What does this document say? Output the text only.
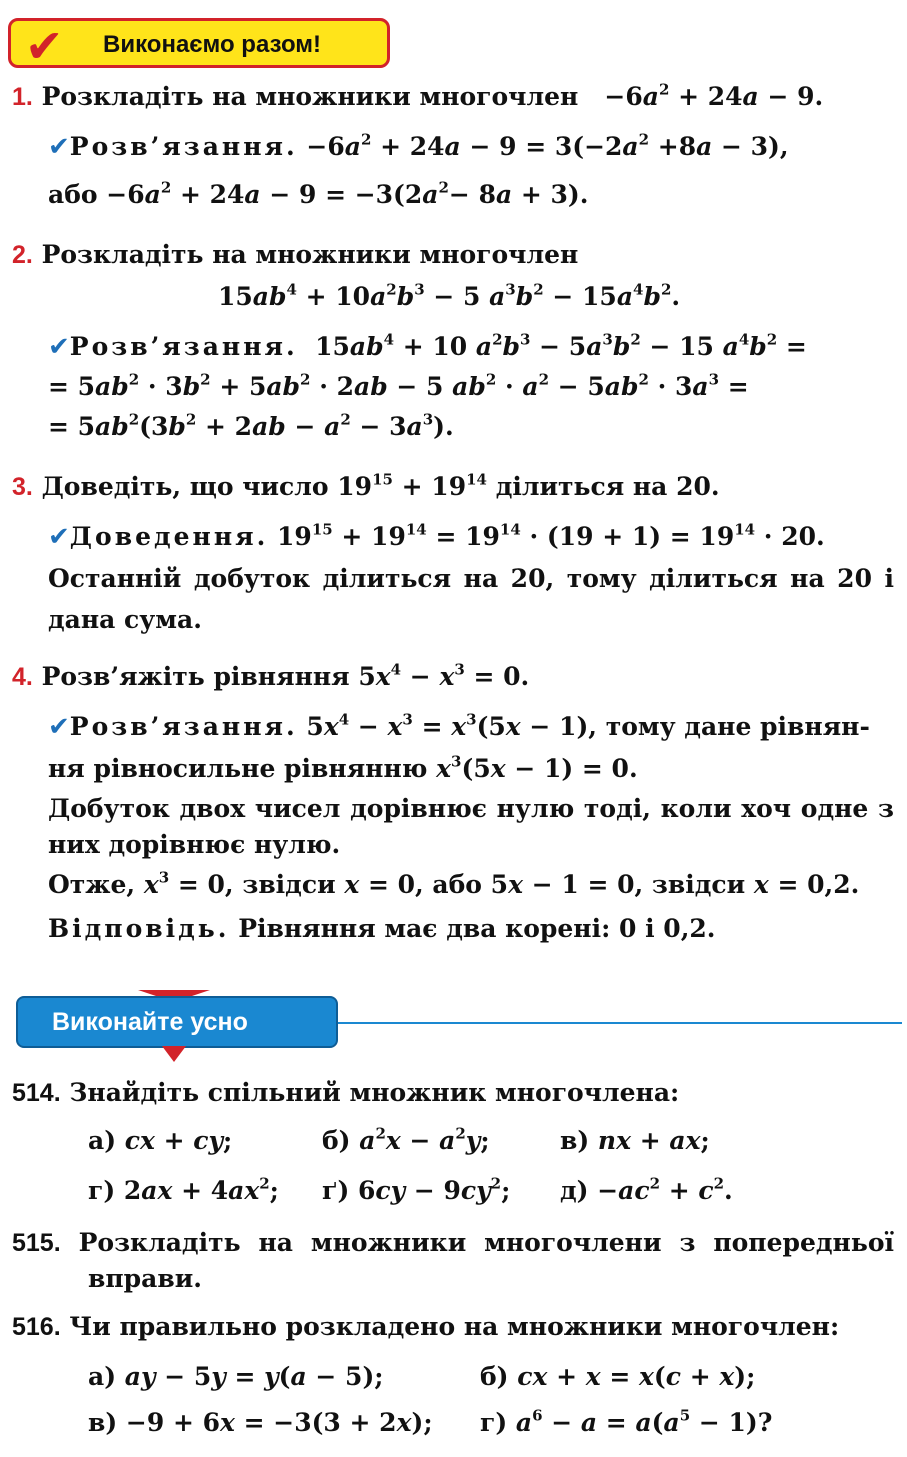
✔ Виконаємо разом!
1. Розкладіть на множники многочлен   $-6a^2 + 24a - 9$.
✔Розв’язання. $-6a^2 + 24a - 9 = 3(-2a^2 +8a - 3)$,
або $-6a^2 + 24a - 9 = -3(2a^2- 8a + 3)$.
2. Розкладіть на множники многочлен
$15ab^4 + 10a^2b^3 - 5$ $a^3b^2 - 15a^4b^2$.
✔Розв’язання.  $15ab^4 + 10$ $a^2b^3 - 5a^3b^2 - 15$ $a^4b^2$ =
= $5ab^2 \cdot 3b^2 + 5ab^2 \cdot 2ab - 5$ $ab^2 \cdot a^2 - 5ab^2 \cdot 3a^3$ =
= $5ab^2(3b^2 + 2ab - a^2 - 3a^3)$.
3. Доведіть, що число $19^{15} + 19^{14}$ ділиться на 20.
✔Доведення. $19^{15} + 19^{14} = 19^{14} \cdot (19 + 1) = 19^{14} \cdot 20$.
Останній добуток ділиться на 20, тому ділиться на 20 і
дана сума.
4. Розв’яжіть рівняння $5x^4 - x^3 = 0$.
✔Розв’язання. $5x^4 - x^3 = x^3(5x - 1)$, тому дане рівнян-
ня рівносильне рівнянню $x^3(5x - 1) = 0$.
Добуток двох чисел дорівнює нулю тоді, коли хоч одне з
них дорівнює нулю.
Отже, $x^3 = 0$, звідси x = 0, або 5x − 1 = 0, звідси x = 0,2.
Відповідь. Рівняння має два корені: 0 і 0,2.
Виконайте усно
514. Знайдіть спільний множник многочлена:
а) cx + cy;	б) $a^2x - a^2y$;	в) nx + ax;
г) $2ax + 4ax^2$; ґ) $6cy - 9cy^2$; $д) -ac^2 + c^2$.
515. Розкладіть на множники многочлени з попередньої
вправи.
516. Чи правильно розкладено на множники многочлен:
а) ay − 5y = y(a − 5);	б) cx + x = x(c + x);
в) −9 + 6x = −3(3 + 2x); г) $a^6 - a = a(a^5 - 1)$?
